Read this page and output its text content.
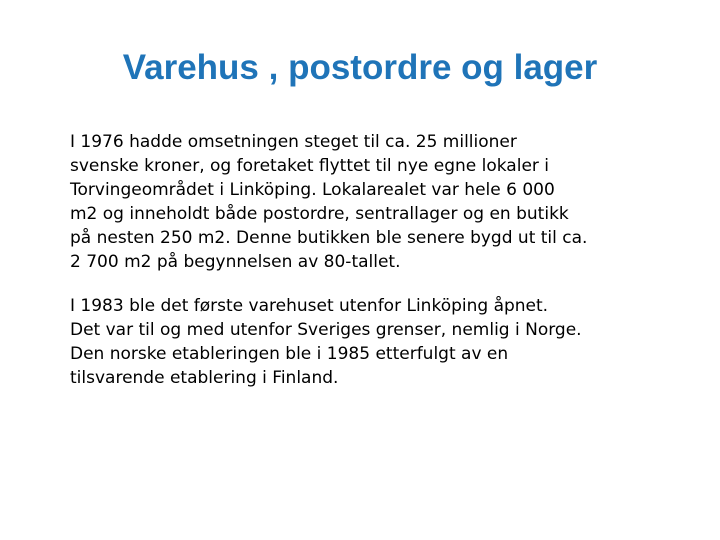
Varehus , postordre og lager

I 1976 hadde omsetningen steget til ca. 25 millioner
svenske kroner, og foretaket flyttet til nye egne lokaler i
Torvingeområdet i Linköping. Lokalarealet var hele 6 000
m2 og inneholdt både postordre, sentrallager og en butikk
på nesten 250 m2. Denne butikken ble senere bygd ut til ca.
2 700 m2 på begynnelsen av 80-tallet.

I 1983 ble det første varehuset utenfor Linköping åpnet.
Det var til og med utenfor Sveriges grenser, nemlig i Norge.
Den norske etableringen ble i 1985 etterfulgt av en
tilsvarende etablering i Finland.
